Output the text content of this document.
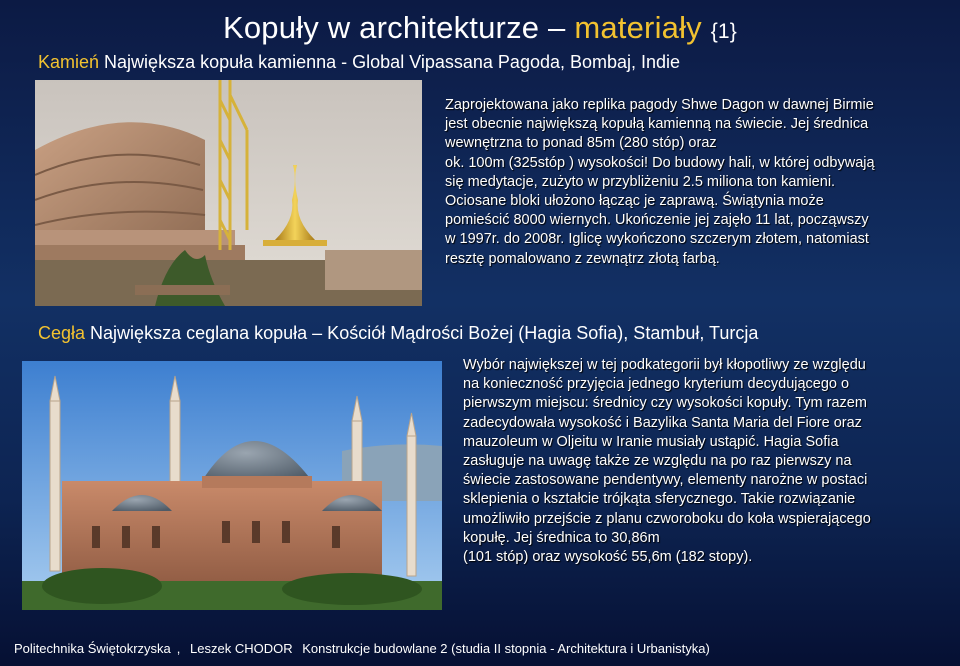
Kopuły w architekturze – materiały {1}
Kamień Największa kopuła kamienna - Global Vipassana Pagoda, Bombaj, Indie
Zaprojektowana jako replika pagody Shwe Dagon w dawnej Birmie
jest obecnie największą kopułą kamienną na świecie. Jej średnica
wewnętrzna to ponad 85m (280 stóp) oraz
ok. 100m (325stóp ) wysokości! Do budowy hali, w której odbywają
się medytacje, zużyto w przybliżeniu 2.5 miliona ton kamieni.
Ociosane bloki ułożono łącząc je zaprawą. Świątynia może
pomieścić 8000 wiernych. Ukończenie jej zajęło 11 lat, począwszy
w 1997r. do 2008r. Iglicę wykończono szczerym złotem, natomiast
resztę pomalowano z zewnątrz złotą farbą.
Cegła Największa ceglana kopuła – Kościół Mądrości Bożej (Hagia Sofia), Stambuł, Turcja
Wybór największej w tej podkategorii był kłopotliwy ze względu
na konieczność przyjęcia jednego kryterium decydującego o
pierwszym miejscu: średnicy czy wysokości kopuły. Tym razem
zadecydowała wysokość i Bazylika Santa Maria del Fiore oraz
mauzoleum w Oljeitu w Iranie musiały ustąpić. Hagia Sofia
zasługuje na uwagę także ze względu na po raz pierwszy na
świecie zastosowane pendentywy, elementy narożne w postaci
sklepienia o kształcie trójkąta sferycznego. Takie rozwiązanie
umożliwiło przejście z planu czworoboku do koła wspierającego
kopułę. Jej średnica to 30,86m
(101 stóp) oraz wysokość 55,6m (182 stopy).
Politechnika Świętokrzyska , Leszek CHODOR Konstrukcje budowlane 2 (studia II stopnia - Architektura i Urbanistyka)
